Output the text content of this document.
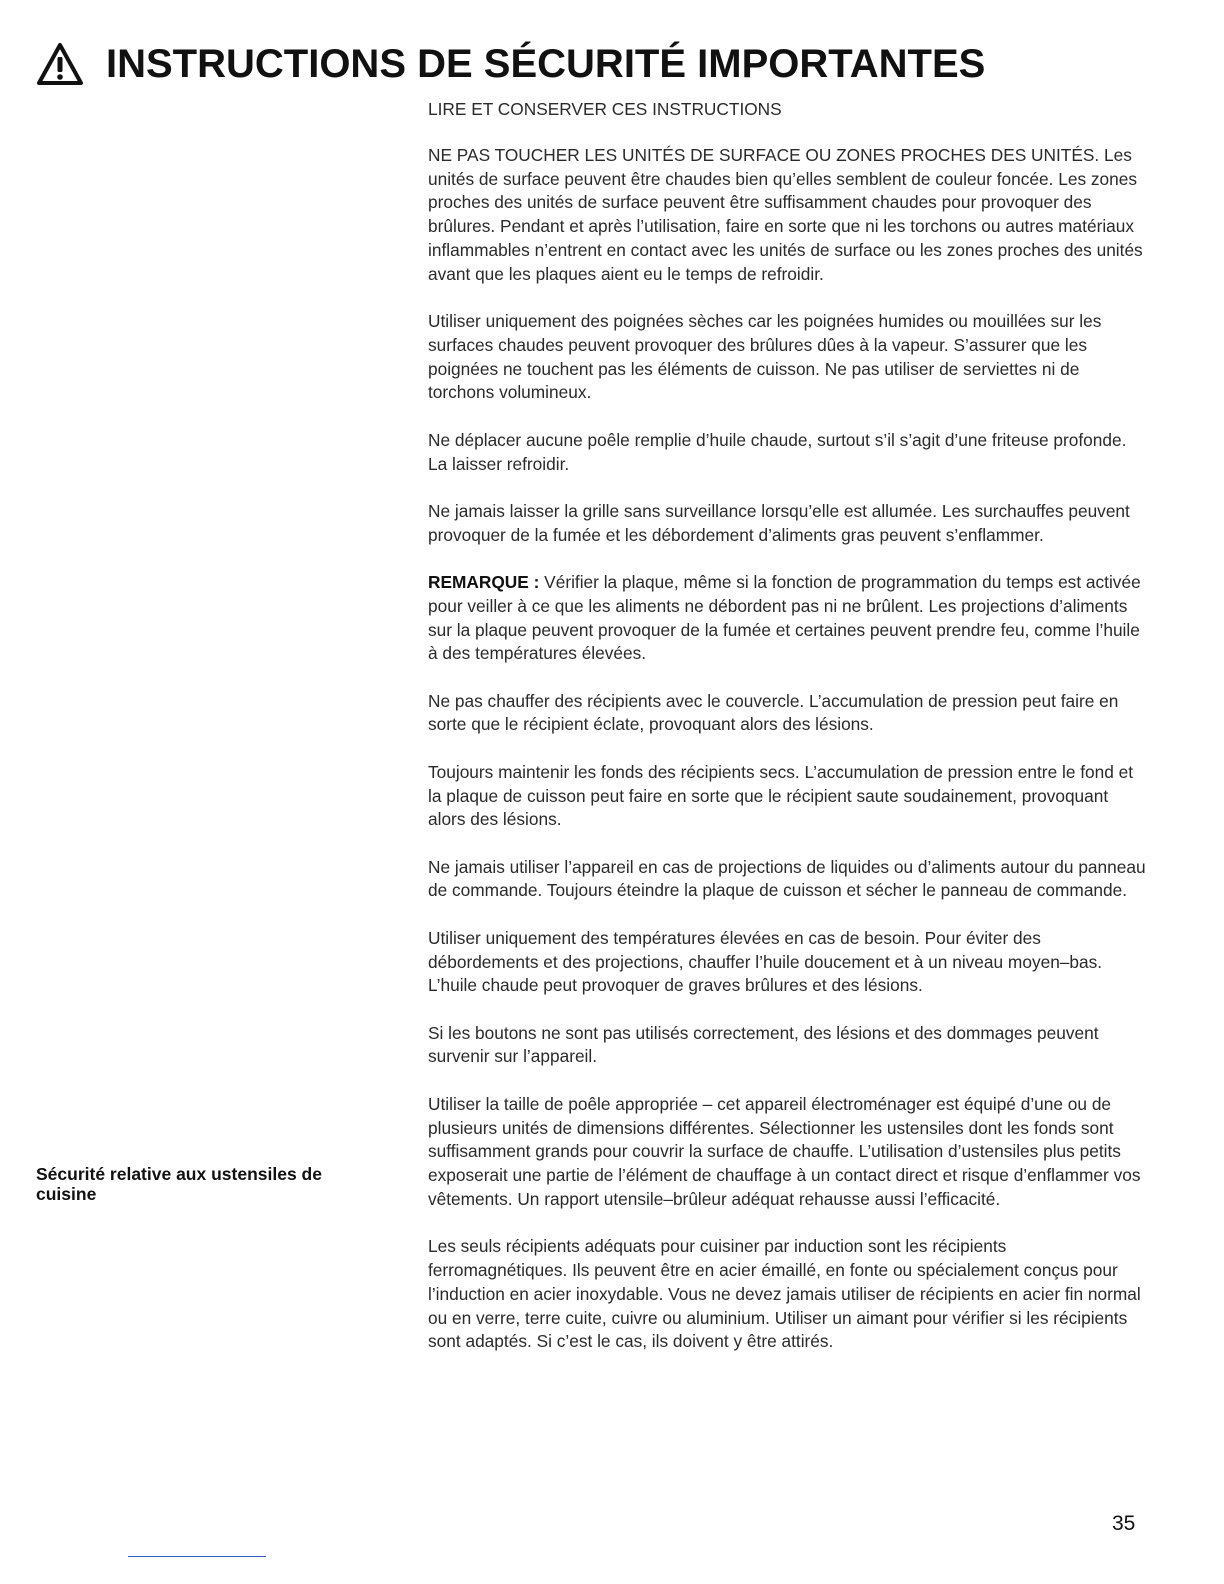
INSTRUCTIONS DE SÉCURITÉ IMPORTANTES
Sécurité relative aux ustensiles de cuisine

LIRE ET CONSERVER CES INSTRUCTIONS

NE PAS TOUCHER LES UNITÉS DE SURFACE OU ZONES PROCHES DES UNITÉS. Les unités de surface peuvent être chaudes bien qu’elles semblent de couleur foncée. Les zones proches des unités de surface peuvent être suffisamment chaudes pour provoquer des brûlures. Pendant et après l’utilisation, faire en sorte que ni les torchons ou autres matériaux inflammables n’entrent en contact avec les unités de surface ou les zones proches des unités avant que les plaques aient eu le temps de refroidir.

Utiliser uniquement des poignées sèches car les poignées humides ou mouillées sur les surfaces chaudes peuvent provoquer des brûlures dûes à la vapeur. S’assurer que les poignées ne touchent pas les éléments de cuisson. Ne pas utiliser de serviettes ni de torchons volumineux.

Ne déplacer aucune poêle remplie d’huile chaude, surtout s’il s’agit d’une friteuse profonde. La laisser refroidir.

Ne jamais laisser la grille sans surveillance lorsqu’elle est allumée. Les surchauffes peuvent provoquer de la fumée et les débordement d’aliments gras peuvent s’enflammer.

REMARQUE : Vérifier la plaque, même si la fonction de programmation du temps est activée pour veiller à ce que les aliments ne débordent pas ni ne brûlent. Les projections d’aliments sur la plaque peuvent provoquer de la fumée et certaines peuvent prendre feu, comme l’huile à des températures élevées.

Ne pas chauffer des récipients avec le couvercle. L’accumulation de pression peut faire en sorte que le récipient éclate, provoquant alors des lésions.

Toujours maintenir les fonds des récipients secs. L’accumulation de pression entre le fond et la plaque de cuisson peut faire en sorte que le récipient saute soudainement, provoquant alors des lésions.

Ne jamais utiliser l’appareil en cas de projections de liquides ou d’aliments autour du panneau de commande. Toujours éteindre la plaque de cuisson et sécher le panneau de commande.

Utiliser uniquement des températures élevées en cas de besoin. Pour éviter des débordements et des projections, chauffer l’huile doucement et à un niveau moyen–bas. L’huile chaude peut provoquer de graves brûlures et des lésions.

Si les boutons ne sont pas utilisés correctement, des lésions et des dommages peuvent survenir sur l’appareil.

Utiliser la taille de poêle appropriée – cet appareil électroménager est équipé d’une ou de plusieurs unités de dimensions différentes. Sélectionner les ustensiles dont les fonds sont suffisamment grands pour couvrir la surface de chauffe. L’utilisation d’ustensiles plus petits exposerait une partie de l’élément de chauffage à un contact direct et risque d’enflammer vos vêtements. Un rapport utensile–brûleur adéquat rehausse aussi l’efficacité.

Les seuls récipients adéquats pour cuisiner par induction sont les récipients ferromagnétiques. Ils peuvent être en acier émaillé, en fonte ou spécialement conçus pour l’induction en acier inoxydable. Vous ne devez jamais utiliser de récipients en acier fin normal ou en verre, terre cuite, cuivre ou aluminium. Utiliser un aimant pour vérifier si les récipients sont adaptés. Si c’est le cas, ils doivent y être attirés.

35
